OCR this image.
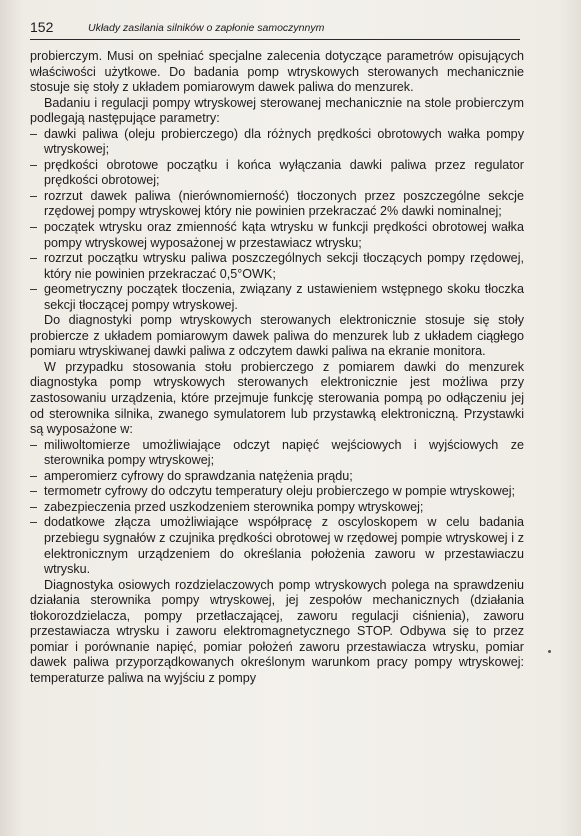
152	Układy zasilania silników o zapłonie samoczynnym

probierczym. Musi on spełniać specjalne zalecenia dotyczące parametrów opisujących właściwości użytkowe. Do badania pomp wtryskowych sterowanych mechanicznie stosuje się stoły z układem pomiarowym dawek paliwa do menzurek.

Badaniu i regulacji pompy wtryskowej sterowanej mechanicznie na stole probierczym podlegają następujące parametry:

– dawki paliwa (oleju probierczego) dla różnych prędkości obrotowych wałka pompy wtryskowej;
– prędkości obrotowe początku i końca wyłączania dawki paliwa przez regulator prędkości obrotowej;
– rozrzut dawek paliwa (nierównomierność) tłoczonych przez poszczególne sekcje rzędowej pompy wtryskowej który nie powinien przekraczać 2% dawki nominalnej;
– początek wtrysku oraz zmienność kąta wtrysku w funkcji prędkości obrotowej wałka pompy wtryskowej wyposażonej w przestawiacz wtrysku;
– rozrzut początku wtrysku paliwa poszczególnych sekcji tłoczących pompy rzędowej, który nie powinien przekraczać 0,5°OWK;
– geometryczny początek tłoczenia, związany z ustawieniem wstępnego skoku tłoczka sekcji tłoczącej pompy wtryskowej.

Do diagnostyki pomp wtryskowych sterowanych elektronicznie stosuje się stoły probiercze z układem pomiarowym dawek paliwa do menzurek lub z układem ciągłego pomiaru wtryskiwanej dawki paliwa z odczytem dawki paliwa na ekranie monitora.

W przypadku stosowania stołu probierczego z pomiarem dawki do menzurek diagnostyka pomp wtryskowych sterowanych elektronicznie jest możliwa przy zastosowaniu urządzenia, które przejmuje funkcję sterowania pompą po odłączeniu jej od sterownika silnika, zwanego symulatorem lub przystawką elektroniczną. Przystawki są wyposażone w:

– miliwoltomierze umożliwiające odczyt napięć wejściowych i wyjściowych ze sterownika pompy wtryskowej;
– amperomierz cyfrowy do sprawdzania natężenia prądu;
– termometr cyfrowy do odczytu temperatury oleju probierczego w pompie wtryskowej;
– zabezpieczenia przed uszkodzeniem sterownika pompy wtryskowej;
– dodatkowe złącza umożliwiające współpracę z oscyloskopem w celu badania przebiegu sygnałów z czujnika prędkości obrotowej w rzędowej pompie wtryskowej i z elektronicznym urządzeniem do określania położenia zaworu w przestawiaczu wtrysku.

Diagnostyka osiowych rozdzielaczowych pomp wtryskowych polega na sprawdzeniu działania sterownika pompy wtryskowej, jej zespołów mechanicznych (działania tłokorozdzielacza, pompy przetłaczającej, zaworu regulacji ciśnienia), zaworu przestawiacza wtrysku i zaworu elektromagnetycznego STOP. Odbywa się to przez pomiar i porównanie napięć, pomiar położeń zaworu przestawiacza wtrysku, pomiar dawek paliwa przyporządkowanych określonym warunkom pracy pompy wtryskowej: temperaturze paliwa na wyjściu z pompy
